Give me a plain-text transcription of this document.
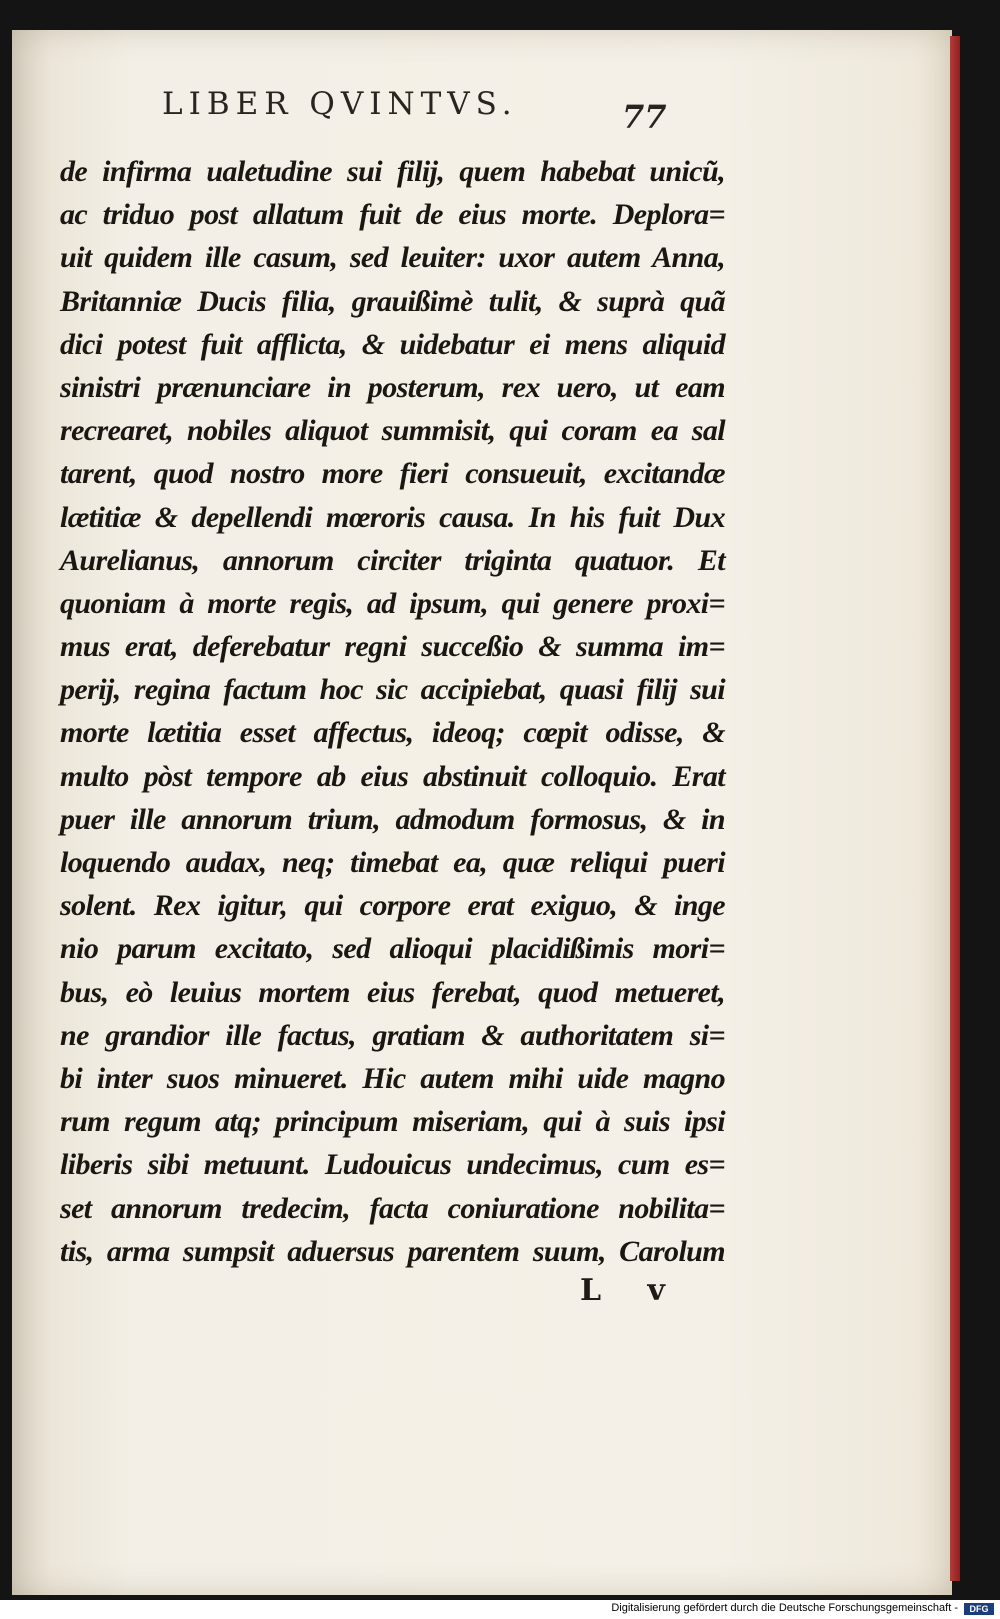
LIBER QVINTVS.	77
de infirma ualetudine sui filij, quem habebat unicũ,
ac triduo post allatum fuit de eius morte. Deplora=
uit quidem ille casum, sed leuiter: uxor autem Anna,
Britanniæ Ducis filia, grauißimè tulit, & suprà quã
dici potest fuit afflicta, & uidebatur ei mens aliquid
sinistri prænunciare in posterum, rex uero, ut eam
recrearet, nobiles aliquot summisit, qui coram ea sal
tarent, quod nostro more fieri consueuit, excitandæ
lætitiæ & depellendi mœroris causa. In his fuit Dux
Aurelianus, annorum circiter triginta quatuor. Et
quoniam à morte regis, ad ipsum, qui genere proxi=
mus erat, deferebatur regni succeßio & summa im=
perij, regina factum hoc sic accipiebat, quasi filij sui
morte lætitia esset affectus, ideoq; cœpit odisse, &
multo pòst tempore ab eius abstinuit colloquio. Erat
puer ille annorum trium, admodum formosus, & in
loquendo audax, neq; timebat ea, quæ reliqui pueri
solent. Rex igitur, qui corpore erat exiguo, & inge
nio parum excitato, sed alioqui placidißimis mori=
bus, eò leuius mortem eius ferebat, quod metueret,
ne grandior ille factus, gratiam & authoritatem si=
bi inter suos minueret. Hic autem mihi uide magno
rum regum atq; principum miseriam, qui à suis ipsi
liberis sibi metuunt. Ludouicus undecimus, cum es=
set annorum tredecim, facta coniuratione nobilita=
tis, arma sumpsit aduersus parentem suum, Carolum
L v
Digitalisierung gefördert durch die Deutsche Forschungsgemeinschaft -	DFG
